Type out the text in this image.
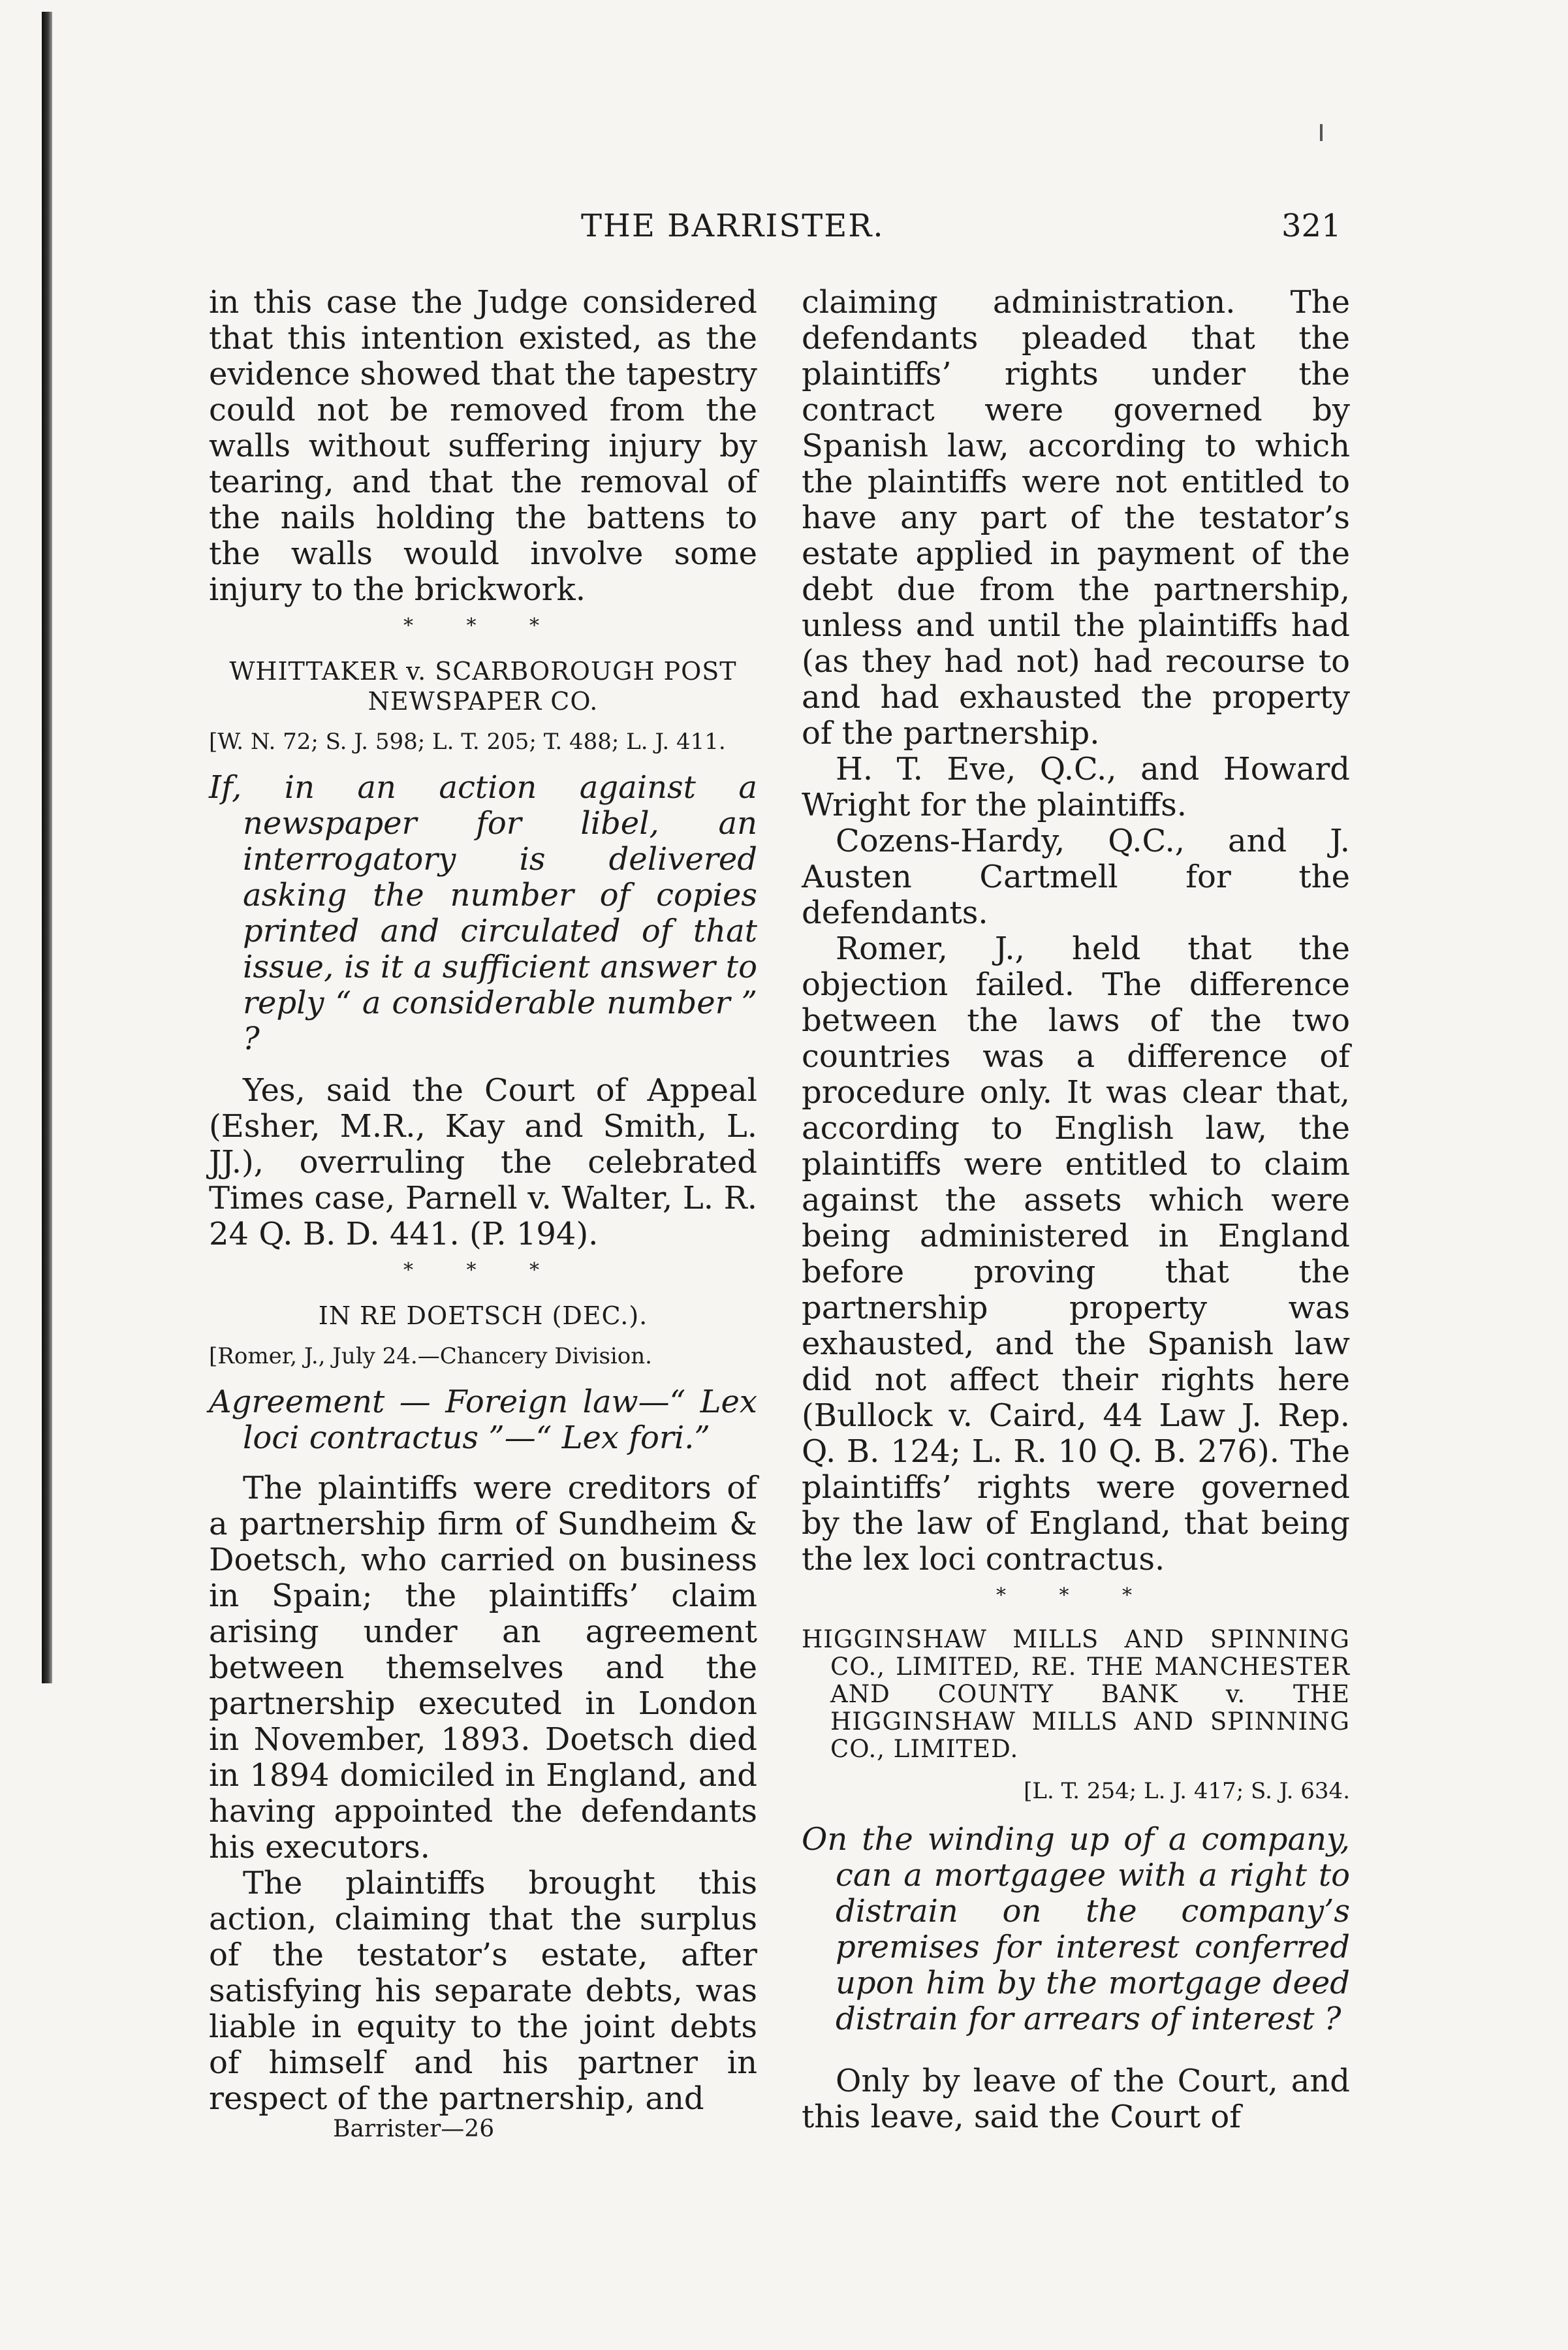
THE BARRISTER.	321

in this case the Judge considered that this intention existed, as the evidence showed that the tapestry could not be removed from the walls without suffering injury by tearing, and that the removal of the nails holding the battens to the walls would involve some injury to the brickwork.

* * *
WHITTAKER v. SCARBOROUGH POST NEWSPAPER CO.
[W. N. 72; S. J. 598; L. T. 205; T. 488; L. J. 411.

If, in an action against a newspaper for libel, an interrogatory is delivered asking the number of copies printed and circulated of that issue, is it a sufficient answer to reply “ a considerable number ” ?

Yes, said the Court of Appeal (Esher, M.R., Kay and Smith, L. JJ.), overruling the celebrated Times case, Parnell v. Walter, L. R. 24 Q. B. D. 441. (P. 194).

* * *
IN RE DOETSCH (DEC.).
[Romer, J., July 24.—Chancery Division.

Agreement — Foreign law—“ Lex loci contractus ”—“ Lex fori.”

The plaintiffs were creditors of a partnership firm of Sundheim & Doetsch, who carried on business in Spain; the plaintiffs’ claim arising under an agreement between themselves and the partnership executed in London in November, 1893. Doetsch died in 1894 domiciled in England, and having appointed the defendants his executors.

The plaintiffs brought this action, claiming that the surplus of the testator’s estate, after satisfying his separate debts, was liable in equity to the joint debts of himself and his partner in respect of the partnership, and

Barrister—26

claiming administration. The defendants pleaded that the plaintiffs’ rights under the contract were governed by Spanish law, according to which the plaintiffs were not entitled to have any part of the testator’s estate applied in payment of the debt due from the partnership, unless and until the plaintiffs had (as they had not) had recourse to and had exhausted the property of the partnership.

H. T. Eve, Q.C., and Howard Wright for the plaintiffs.

Cozens-Hardy, Q.C., and J. Austen Cartmell for the defendants.

Romer, J., held that the objection failed. The difference between the laws of the two countries was a difference of procedure only. It was clear that, according to English law, the plaintiffs were entitled to claim against the assets which were being administered in England before proving that the partnership property was exhausted, and the Spanish law did not affect their rights here (Bullock v. Caird, 44 Law J. Rep. Q. B. 124; L. R. 10 Q. B. 276). The plaintiffs’ rights were governed by the law of England, that being the lex loci contractus.

* * *
HIGGINSHAW MILLS AND SPINNING CO., LIMITED, RE. THE MANCHESTER AND COUNTY BANK v. THE HIGGINSHAW MILLS AND SPINNING CO., LIMITED.
[L. T. 254; L. J. 417; S. J. 634.

On the winding up of a company, can a mortgagee with a right to distrain on the company’s premises for interest conferred upon him by the mortgage deed distrain for arrears of interest ?

Only by leave of the Court, and this leave, said the Court of
